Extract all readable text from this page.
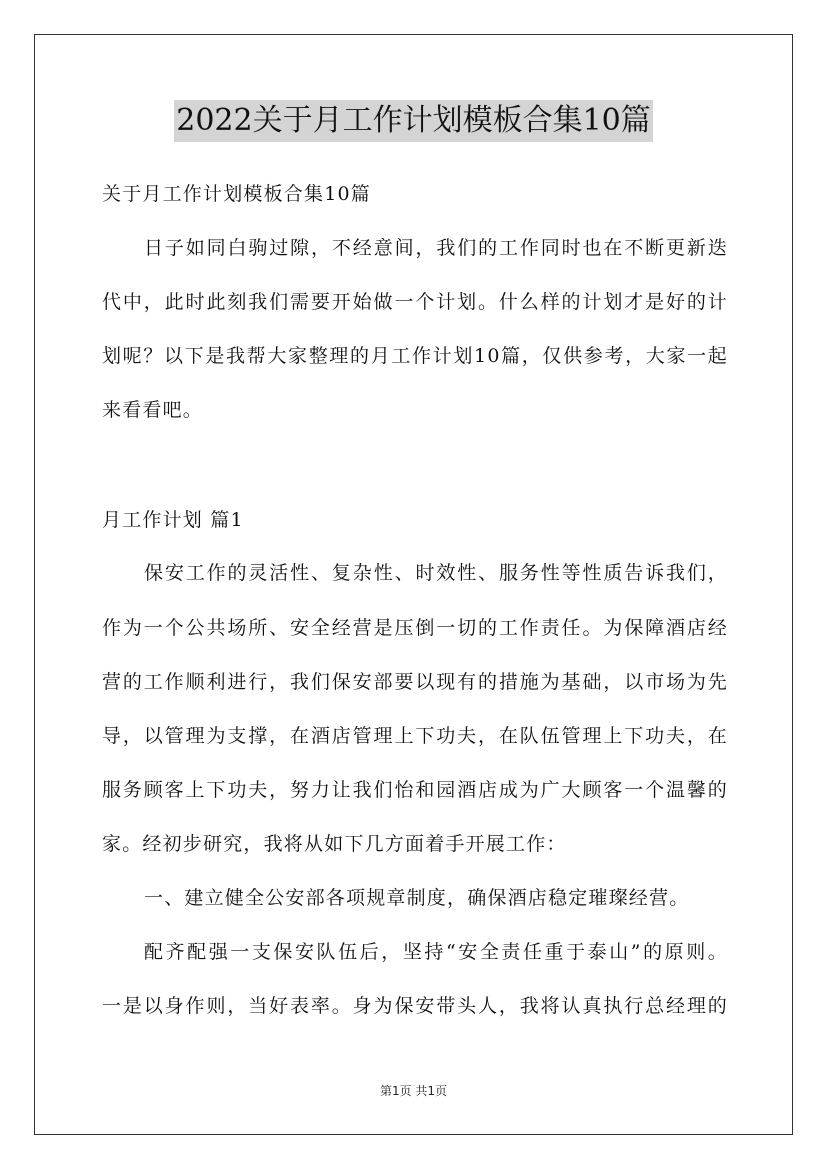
2022关于月工作计划模板合集10篇
关于月工作计划模板合集10篇
日子如同白驹过隙，不经意间，我们的工作同时也在不断更新迭
代中，此时此刻我们需要开始做一个计划。什么样的计划才是好的计
划呢？以下是我帮大家整理的月工作计划10篇，仅供参考，大家一起
来看看吧。
月工作计划 篇1
保安工作的灵活性、复杂性、时效性、服务性等性质告诉我们，
作为一个公共场所、安全经营是压倒一切的工作责任。为保障酒店经
营的工作顺利进行，我们保安部要以现有的措施为基础，以市场为先
导，以管理为支撑，在酒店管理上下功夫，在队伍管理上下功夫，在
服务顾客上下功夫，努力让我们怡和园酒店成为广大顾客一个温馨的
家。经初步研究，我将从如下几方面着手开展工作：
一、建立健全公安部各项规章制度，确保酒店稳定璀璨经营。
配齐配强一支保安队伍后，坚持“安全责任重于泰山”的原则。
一是以身作则，当好表率。身为保安带头人，我将认真执行总经理的
第1页 共1页
